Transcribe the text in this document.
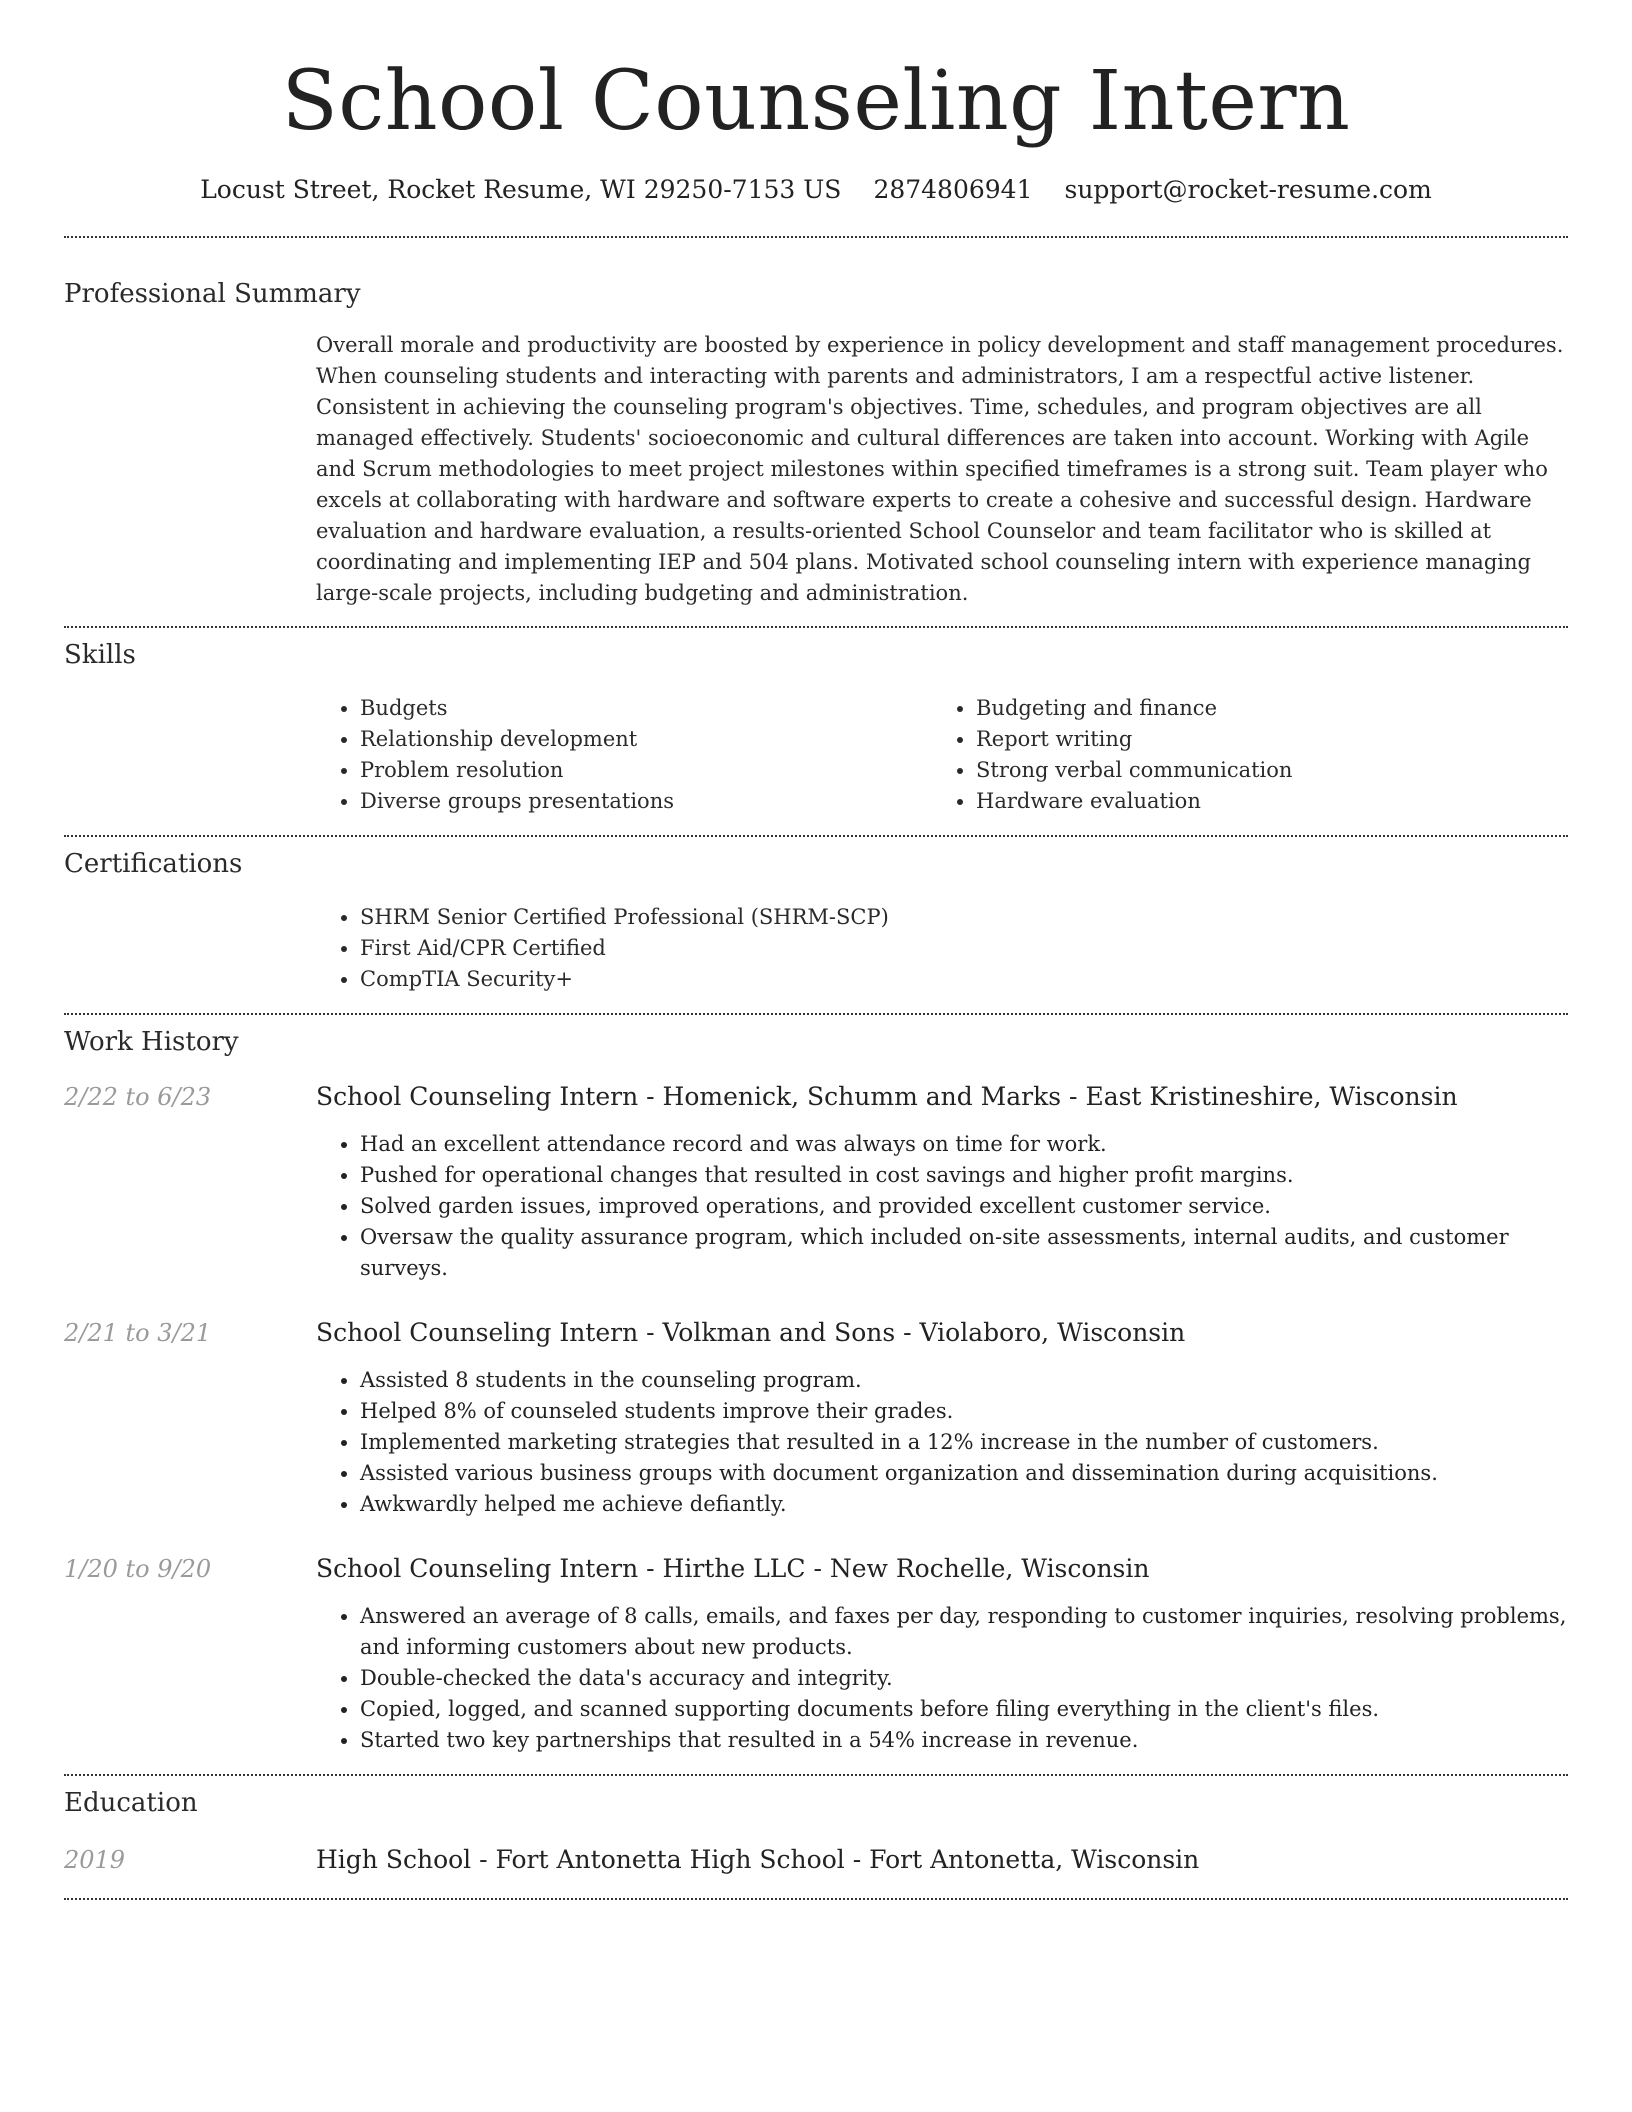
School Counseling Intern
Locust Street, Rocket Resume, WI 29250-7153 US 2874806941 support@rocket-resume.com
Professional Summary

Overall morale and productivity are boosted by experience in policy development and staff management procedures. When counseling students and interacting with parents and administrators, I am a respectful active listener. Consistent in achieving the counseling program's objectives. Time, schedules, and program objectives are all managed effectively. Students' socioeconomic and cultural differences are taken into account. Working with Agile and Scrum methodologies to meet project milestones within specified timeframes is a strong suit. Team player who excels at collaborating with hardware and software experts to create a cohesive and successful design. Hardware evaluation and hardware evaluation, a results-oriented School Counselor and team facilitator who is skilled at coordinating and implementing IEP and 504 plans. Motivated school counseling intern with experience managing large-scale projects, including budgeting and administration.

Skills
• Budgets
• Relationship development
• Problem resolution
• Diverse groups presentations
• Budgeting and finance
• Report writing
• Strong verbal communication
• Hardware evaluation
Certifications
• SHRM Senior Certified Professional (SHRM-SCP)
• First Aid/CPR Certified
• CompTIA Security+
Work History
2/22 to 6/23	School Counseling Intern - Homenick, Schumm and Marks - East Kristineshire, Wisconsin
• Had an excellent attendance record and was always on time for work.
• Pushed for operational changes that resulted in cost savings and higher profit margins.
• Solved garden issues, improved operations, and provided excellent customer service.
• Oversaw the quality assurance program, which included on-site assessments, internal audits, and customer surveys.
2/21 to 3/21	School Counseling Intern - Volkman and Sons - Violaboro, Wisconsin
• Assisted 8 students in the counseling program.
• Helped 8% of counseled students improve their grades.
• Implemented marketing strategies that resulted in a 12% increase in the number of customers.
• Assisted various business groups with document organization and dissemination during acquisitions.
• Awkwardly helped me achieve defiantly.
1/20 to 9/20	School Counseling Intern - Hirthe LLC - New Rochelle, Wisconsin
• Answered an average of 8 calls, emails, and faxes per day, responding to customer inquiries, resolving problems, and informing customers about new products.
• Double-checked the data's accuracy and integrity.
• Copied, logged, and scanned supporting documents before filing everything in the client's files.
• Started two key partnerships that resulted in a 54% increase in revenue.
Education
2019	High School - Fort Antonetta High School - Fort Antonetta, Wisconsin
